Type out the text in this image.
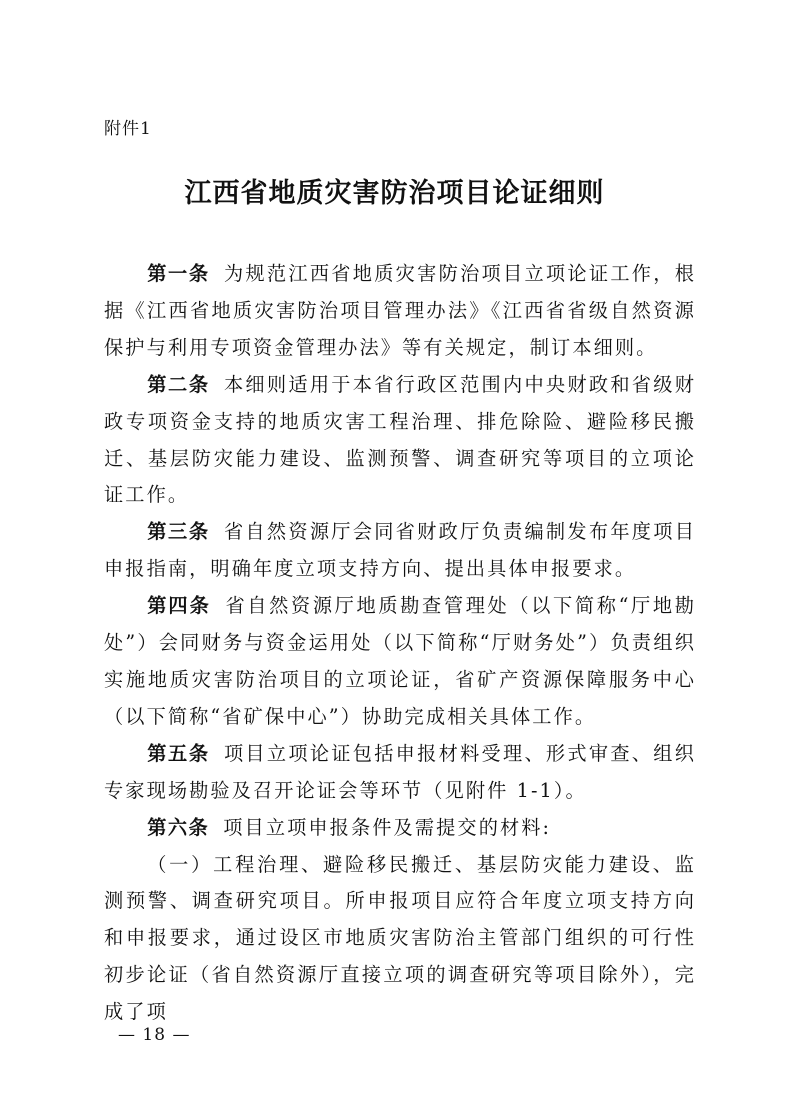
附件1
江西省地质灾害防治项目论证细则

第一条 为规范江西省地质灾害防治项目立项论证工作，根据《江西省地质灾害防治项目管理办法》《江西省省级自然资源保护与利用专项资金管理办法》等有关规定，制订本细则。

第二条 本细则适用于本省行政区范围内中央财政和省级财政专项资金支持的地质灾害工程治理、排危除险、避险移民搬迁、基层防灾能力建设、监测预警、调查研究等项目的立项论证工作。

第三条 省自然资源厅会同省财政厅负责编制发布年度项目申报指南，明确年度立项支持方向、提出具体申报要求。

第四条 省自然资源厅地质勘查管理处（以下简称“厅地勘处”）会同财务与资金运用处（以下简称“厅财务处”）负责组织实施地质灾害防治项目的立项论证，省矿产资源保障服务中心（以下简称“省矿保中心”）协助完成相关具体工作。

第五条 项目立项论证包括申报材料受理、形式审查、组织专家现场勘验及召开论证会等环节（见附件 1-1）。

第六条 项目立项申报条件及需提交的材料:

（一）工程治理、避险移民搬迁、基层防灾能力建设、监测预警、调查研究项目。所申报项目应符合年度立项支持方向和申报要求，通过设区市地质灾害防治主管部门组织的可行性初步论证（省自然资源厅直接立项的调查研究等项目除外），完成了项

— 18 —
